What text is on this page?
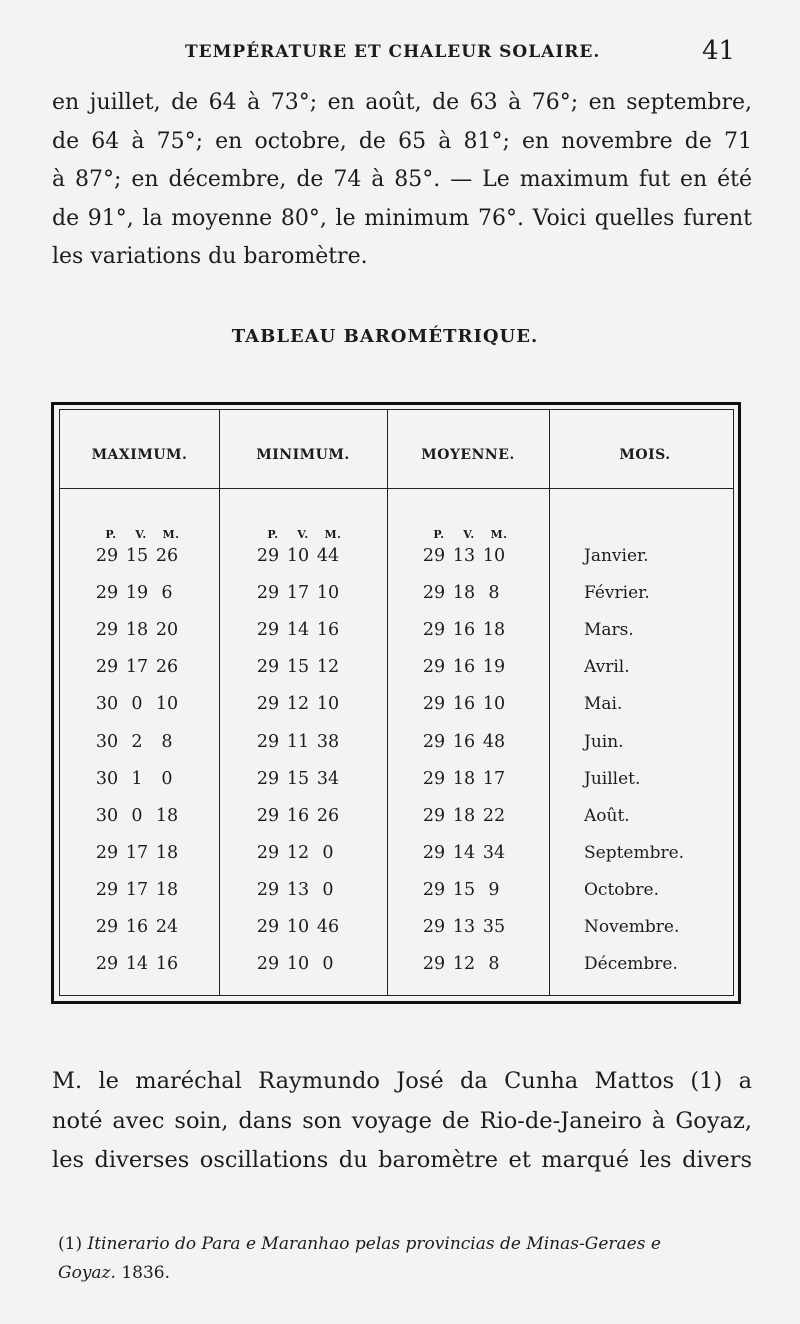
TEMPÉRATURE ET CHALEUR SOLAIRE.	41
en juillet, de 64 à 73°; en août, de 63 à 76°; en septembre,
de 64 à 75°; en octobre, de 65 à 81°; en novembre de 71
à 87°; en décembre, de 74 à 85°. — Le maximum fut en été
de 91°, la moyenne 80°, le minimum 76°. Voici quelles furent
les variations du baromètre.
TABLEAU BAROMÉTRIQUE.
MAXIMUM.	MINIMUM.	MOYENNE.	MOIS.
P. V. M.	P. V. M.	P. V. M.
29 15 26	29 10 44	29 13 10	Janvier.
29 19 6	29 17 10	29 18 8	Février.
29 18 20	29 14 16	29 16 18	Mars.
29 17 26	29 15 12	29 16 19	Avril.
30 0 10	29 12 10	29 16 10	Mai.
30 2 8	29 11 38	29 16 48	Juin.
30 1 0	29 15 34	29 18 17	Juillet.
30 0 18	29 16 26	29 18 22	Août.
29 17 18	29 12 0	29 14 34	Septembre.
29 17 18	29 13 0	29 15 9	Octobre.
29 16 24	29 10 46	29 13 35	Novembre.
29 14 16	29 10 0	29 12 8	Décembre.
M. le maréchal Raymundo José da Cunha Mattos (1) a
noté avec soin, dans son voyage de Rio-de-Janeiro à Goyaz,
les diverses oscillations du baromètre et marqué les divers
(1) Itinerario do Para e Maranhao pelas provincias de Minas-Geraes e
Goyaz. 1836.
